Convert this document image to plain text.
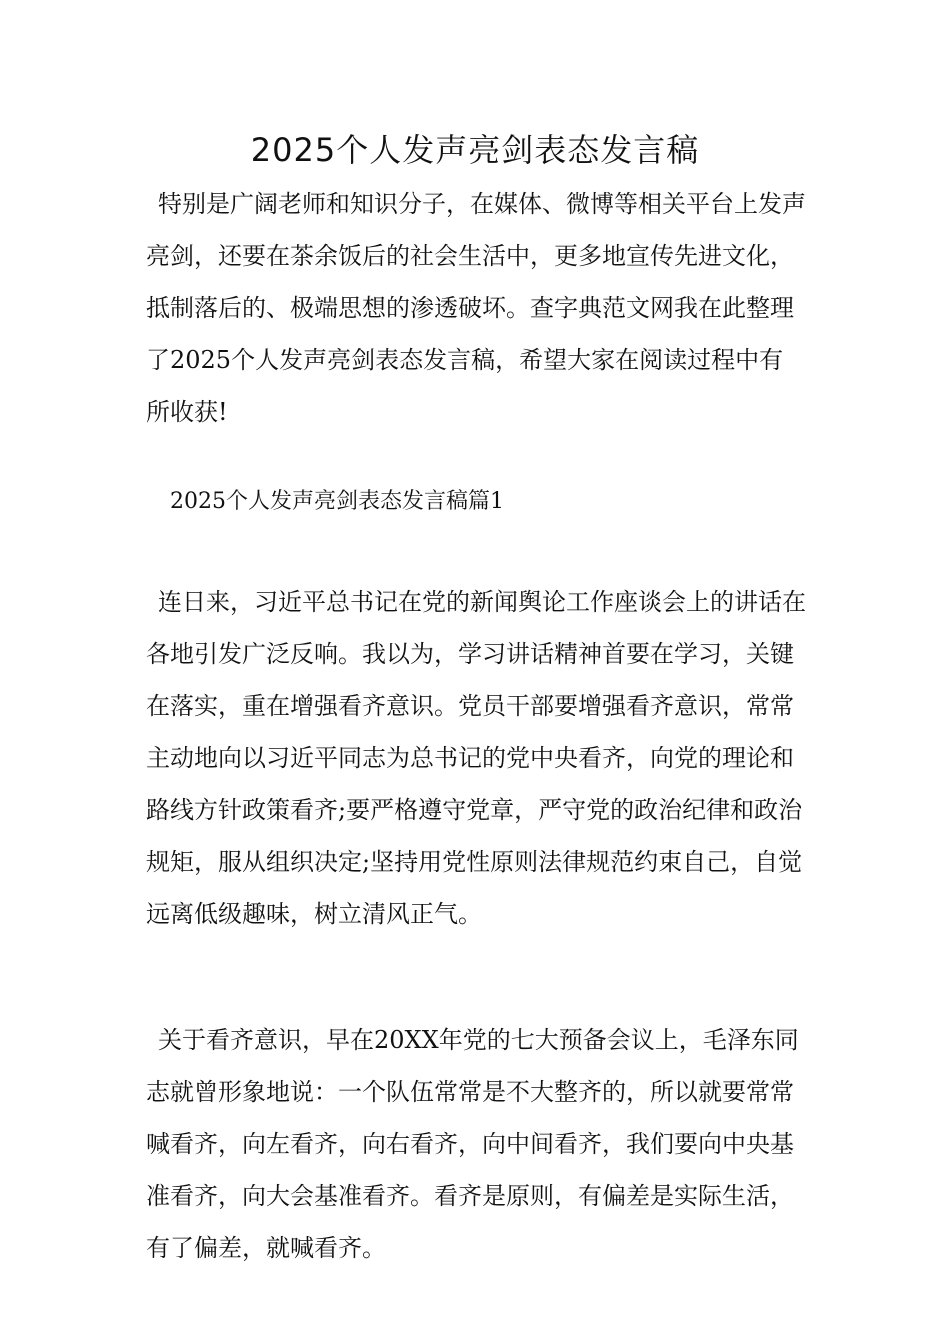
2025个人发声亮剑表态发言稿

特别是广阔老师和知识分子，在媒体、微博等相关平台上发声亮剑，还要在茶余饭后的社会生活中，更多地宣传先进文化，抵制落后的、极端思想的渗透破坏。查字典范文网我在此整理了2025个人发声亮剑表态发言稿，希望大家在阅读过程中有所收获!

2025个人发声亮剑表态发言稿篇1

连日来，习近平总书记在党的新闻舆论工作座谈会上的讲话在各地引发广泛反响。我以为，学习讲话精神首要在学习，关键在落实，重在增强看齐意识。党员干部要增强看齐意识，常常主动地向以习近平同志为总书记的党中央看齐，向党的理论和路线方针政策看齐;要严格遵守党章，严守党的政治纪律和政治规矩，服从组织决定;坚持用党性原则法律规范约束自己，自觉远离低级趣味，树立清风正气。

关于看齐意识，早在20XX年党的七大预备会议上，毛泽东同志就曾形象地说：一个队伍常常是不大整齐的，所以就要常常喊看齐，向左看齐，向右看齐，向中间看齐，我们要向中央基准看齐，向大会基准看齐。看齐是原则，有偏差是实际生活，有了偏差，就喊看齐。
